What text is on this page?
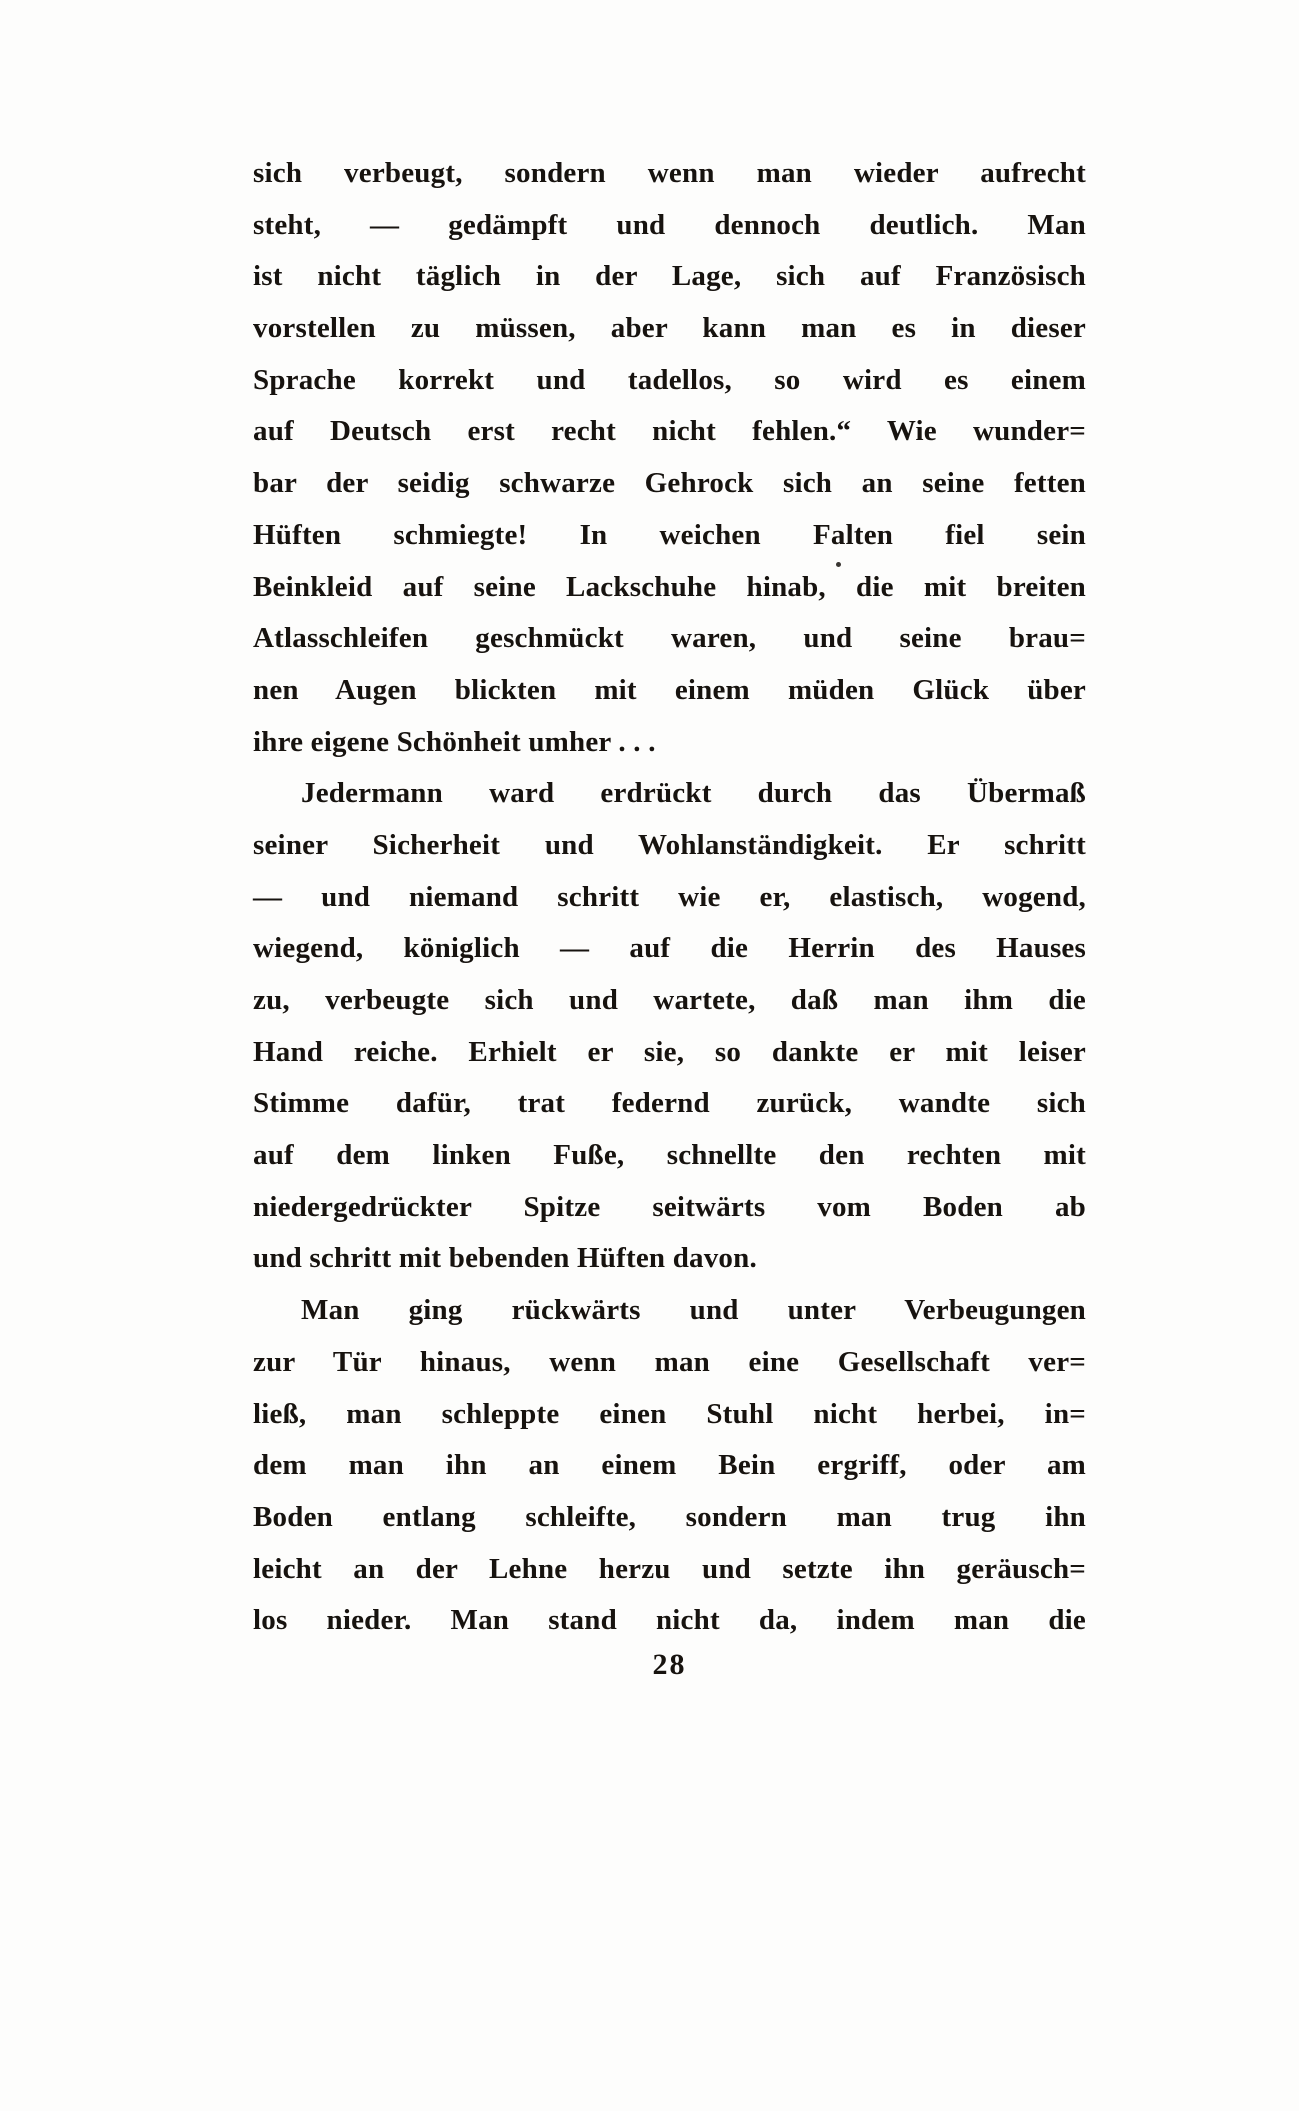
sich verbeugt, sondern wenn man wieder aufrecht
steht, — gedämpft und dennoch deutlich. Man
ist nicht täglich in der Lage, sich auf Französisch
vorstellen zu müssen, aber kann man es in dieser
Sprache korrekt und tadellos, so wird es einem
auf Deutsch erst recht nicht fehlen.“ Wie wunder=
bar der seidig schwarze Gehrock sich an seine fetten
Hüften schmiegte! In weichen Falten fiel sein
Beinkleid auf seine Lackschuhe hinab, die mit breiten
Atlasschleifen geschmückt waren, und seine brau=
nen Augen blickten mit einem müden Glück über
ihre eigene Schönheit umher . . .
Jedermann ward erdrückt durch das Übermaß
seiner Sicherheit und Wohlanständigkeit. Er schritt
— und niemand schritt wie er, elastisch, wogend,
wiegend, königlich — auf die Herrin des Hauses
zu, verbeugte sich und wartete, daß man ihm die
Hand reiche. Erhielt er sie, so dankte er mit leiser
Stimme dafür, trat federnd zurück, wandte sich
auf dem linken Fuße, schnellte den rechten mit
niedergedrückter Spitze seitwärts vom Boden ab
und schritt mit bebenden Hüften davon.
Man ging rückwärts und unter Verbeugungen
zur Tür hinaus, wenn man eine Gesellschaft ver=
ließ, man schleppte einen Stuhl nicht herbei, in=
dem man ihn an einem Bein ergriff, oder am
Boden entlang schleifte, sondern man trug ihn
leicht an der Lehne herzu und setzte ihn geräusch=
los nieder. Man stand nicht da, indem man die
28
